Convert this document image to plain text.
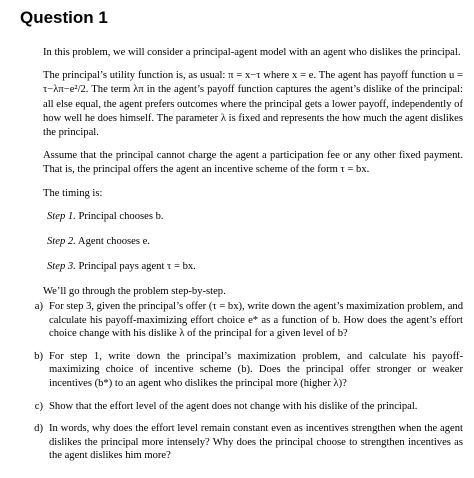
Question 1

In this problem, we will consider a principal-agent model with an agent who dislikes the principal.

The principal’s utility function is, as usual: π = x−τ where x = e. The agent has payoff function u = τ−λπ−e²/2. The term λπ in the agent’s payoff function captures the agent’s dislike of the principal: all else equal, the agent prefers outcomes where the principal gets a lower payoff, independently of how well he does himself. The parameter λ is fixed and represents the how much the agent dislikes the principal.

Assume that the principal cannot charge the agent a participation fee or any other fixed payment. That is, the principal offers the agent an incentive scheme of the form τ = bx.

The timing is:

Step 1. Principal chooses b.
Step 2. Agent chooses e.
Step 3. Principal pays agent τ = bx.

We’ll go through the problem step-by-step.

a) For step 3, given the principal’s offer (τ = bx), write down the agent’s maximization problem, and calculate his payoff-maximizing effort choice e* as a function of b. How does the agent’s effort choice change with his dislike λ of the principal for a given level of b?
b) For step 1, write down the principal’s maximization problem, and calculate his payoff-maximizing choice of incentive scheme (b). Does the principal offer stronger or weaker incentives (b*) to an agent who dislikes the principal more (higher λ)?
c) Show that the effort level of the agent does not change with his dislike of the principal.
d) In words, why does the effort level remain constant even as incentives strengthen when the agent dislikes the principal more intensely? Why does the principal choose to strengthen incentives as the agent dislikes him more?
